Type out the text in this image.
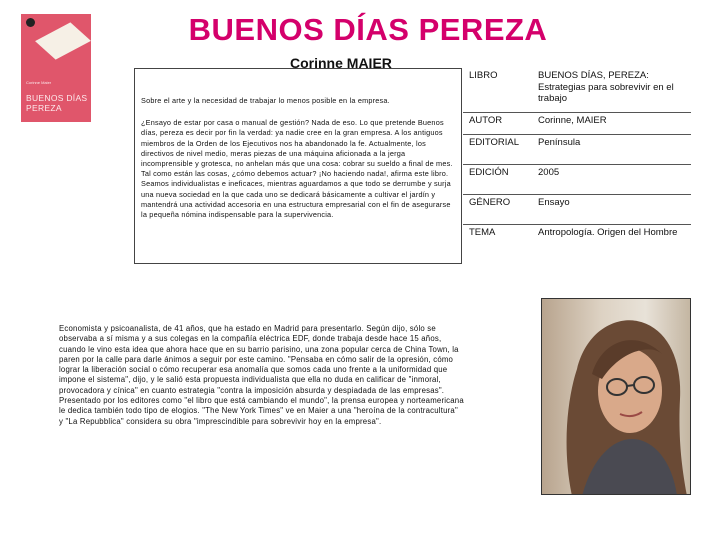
Corinne Maier
BUENOS DÍAS PEREZA
BUENOS DÍAS PEREZA
Corinne MAIER

Sobre el arte y la necesidad de trabajar lo menos posible en la empresa.

¿Ensayo de estar por casa o manual de gestión? Nada de eso. Lo que pretende Buenos días, pereza es decir por fin la verdad: ya nadie cree en la gran empresa. A los antiguos miembros de la Orden de los Ejecutivos nos ha abandonado la fe. Actualmente, los directivos de nivel medio, meras piezas de una máquina aficionada a la jerga incomprensible y grotesca, no anhelan más que una cosa: cobrar su sueldo a final de mes. Tal como están las cosas, ¿cómo debemos actuar? ¡No haciendo nada!, afirma este libro. Seamos individualistas e ineficaces, mientras aguardamos a que todo se derrumbe y surja una nueva sociedad en la que cada uno se dedicará básicamente a cultivar el jardín y mantendrá una actividad accesoria en una estructura empresarial con el fin de asegurarse la pequeña nómina indispensable para la supervivencia.

LIBRO	BUENOS DÍAS, PEREZA: Estrategias para sobrevivir en el trabajo
AUTOR	Corinne, MAIER
EDITORIAL	Península
EDICIÓN	2005
GÉNERO	Ensayo
TEMA	Antropología. Origen del Hombre
Economista y psicoanalista, de 41 años, que ha estado en Madrid para presentarlo. Según dijo, sólo se observaba a sí misma y a sus colegas en la compañía eléctrica EDF, donde trabaja desde hace 15 años, cuando le vino esta idea que ahora hace que en su barrio parisino, una zona popular cerca de China Town, la paren por la calle para darle ánimos a seguir por este camino. "Pensaba en cómo salir de la opresión, cómo lograr la liberación social o cómo recuperar esa anomalía que somos cada uno frente a la uniformidad que impone el sistema", dijo, y le salió esta propuesta individualista que ella no duda en calificar de "inmoral, provocadora y cínica" en cuanto estrategia "contra la imposición absurda y despiadada de las empresas". Presentado por los editores como "el libro que está cambiando el mundo", la prensa europea y norteamericana le dedica también todo tipo de elogios. "The New York Times" ve en Maier a una "heroína de la contracultura" y "La Repubblica" considera su obra "imprescindible para sobrevivir hoy en la empresa".
